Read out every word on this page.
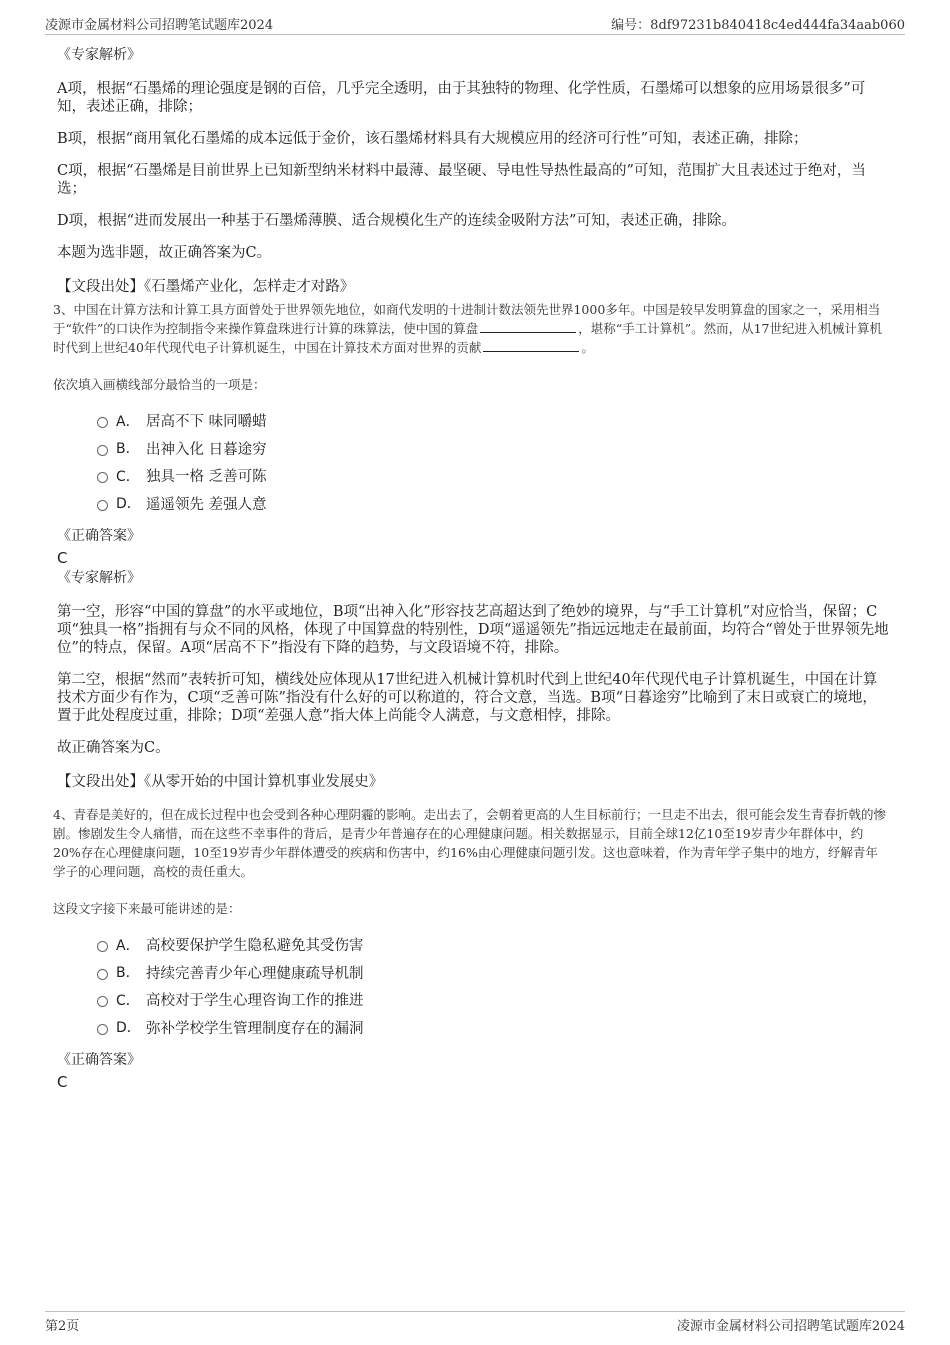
凌源市金属材料公司招聘笔试题库2024	编号：8df97231b840418c4ed444fa34aab060
《专家解析》
A项，根据“石墨烯的理论强度是钢的百倍，几乎完全透明，由于其独特的物理、化学性质，石墨烯可以想象的应用场景很多”可知，表述正确，排除；
B项，根据“商用氧化石墨烯的成本远低于金价，该石墨烯材料具有大规模应用的经济可行性”可知，表述正确，排除；
C项，根据“石墨烯是目前世界上已知新型纳米材料中最薄、最坚硬、导电性导热性最高的”可知，范围扩大且表述过于绝对，当选；
D项，根据“进而发展出一种基于石墨烯薄膜、适合规模化生产的连续金吸附方法”可知，表述正确，排除。
本题为选非题，故正确答案为C。
【文段出处】《石墨烯产业化，怎样走才对路》
3、中国在计算方法和计算工具方面曾处于世界领先地位，如商代发明的十进制计数法领先世界1000多年。中国是较早发明算盘的国家之一，采用相当于“软件”的口诀作为控制指令来操作算盘珠进行计算的珠算法，使中国的算盘	，堪称“手工计算机”。然而，从17世纪进入机械计算机时代到上世纪40年代现代电子计算机诞生，中国在计算技术方面对世界的贡献	。
依次填入画横线部分最恰当的一项是：
A． 居高不下 味同嚼蜡
B． 出神入化 日暮途穷
C． 独具一格 乏善可陈
D． 遥遥领先 差强人意
《正确答案》
C
《专家解析》
第一空，形容“中国的算盘”的水平或地位，B项“出神入化”形容技艺高超达到了绝妙的境界，与“手工计算机”对应恰当，保留；C项“独具一格”指拥有与众不同的风格，体现了中国算盘的特别性，D项“遥遥领先”指远远地走在最前面，均符合“曾处于世界领先地位”的特点，保留。A项“居高不下”指没有下降的趋势，与文段语境不符，排除。
第二空，根据“然而”表转折可知，横线处应体现从17世纪进入机械计算机时代到上世纪40年代现代电子计算机诞生，中国在计算技术方面少有作为，C项“乏善可陈”指没有什么好的可以称道的，符合文意，当选。B项“日暮途穷”比喻到了末日或衰亡的境地，置于此处程度过重，排除；D项“差强人意”指大体上尚能令人满意，与文意相悖，排除。
故正确答案为C。
【文段出处】《从零开始的中国计算机事业发展史》
4、青春是美好的，但在成长过程中也会受到各种心理阴霾的影响。走出去了，会朝着更高的人生目标前行；一旦走不出去，很可能会发生青春折戟的惨剧。惨剧发生令人痛惜，而在这些不幸事件的背后，是青少年普遍存在的心理健康问题。相关数据显示，目前全球12亿10至19岁青少年群体中，约20%存在心理健康问题，10至19岁青少年群体遭受的疾病和伤害中，约16%由心理健康问题引发。这也意味着，作为青年学子集中的地方，纾解青年学子的心理问题，高校的责任重大。
这段文字接下来最可能讲述的是：
A． 高校要保护学生隐私避免其受伤害
B． 持续完善青少年心理健康疏导机制
C． 高校对于学生心理咨询工作的推进
D． 弥补学校学生管理制度存在的漏洞
《正确答案》
C
第2页	凌源市金属材料公司招聘笔试题库2024
